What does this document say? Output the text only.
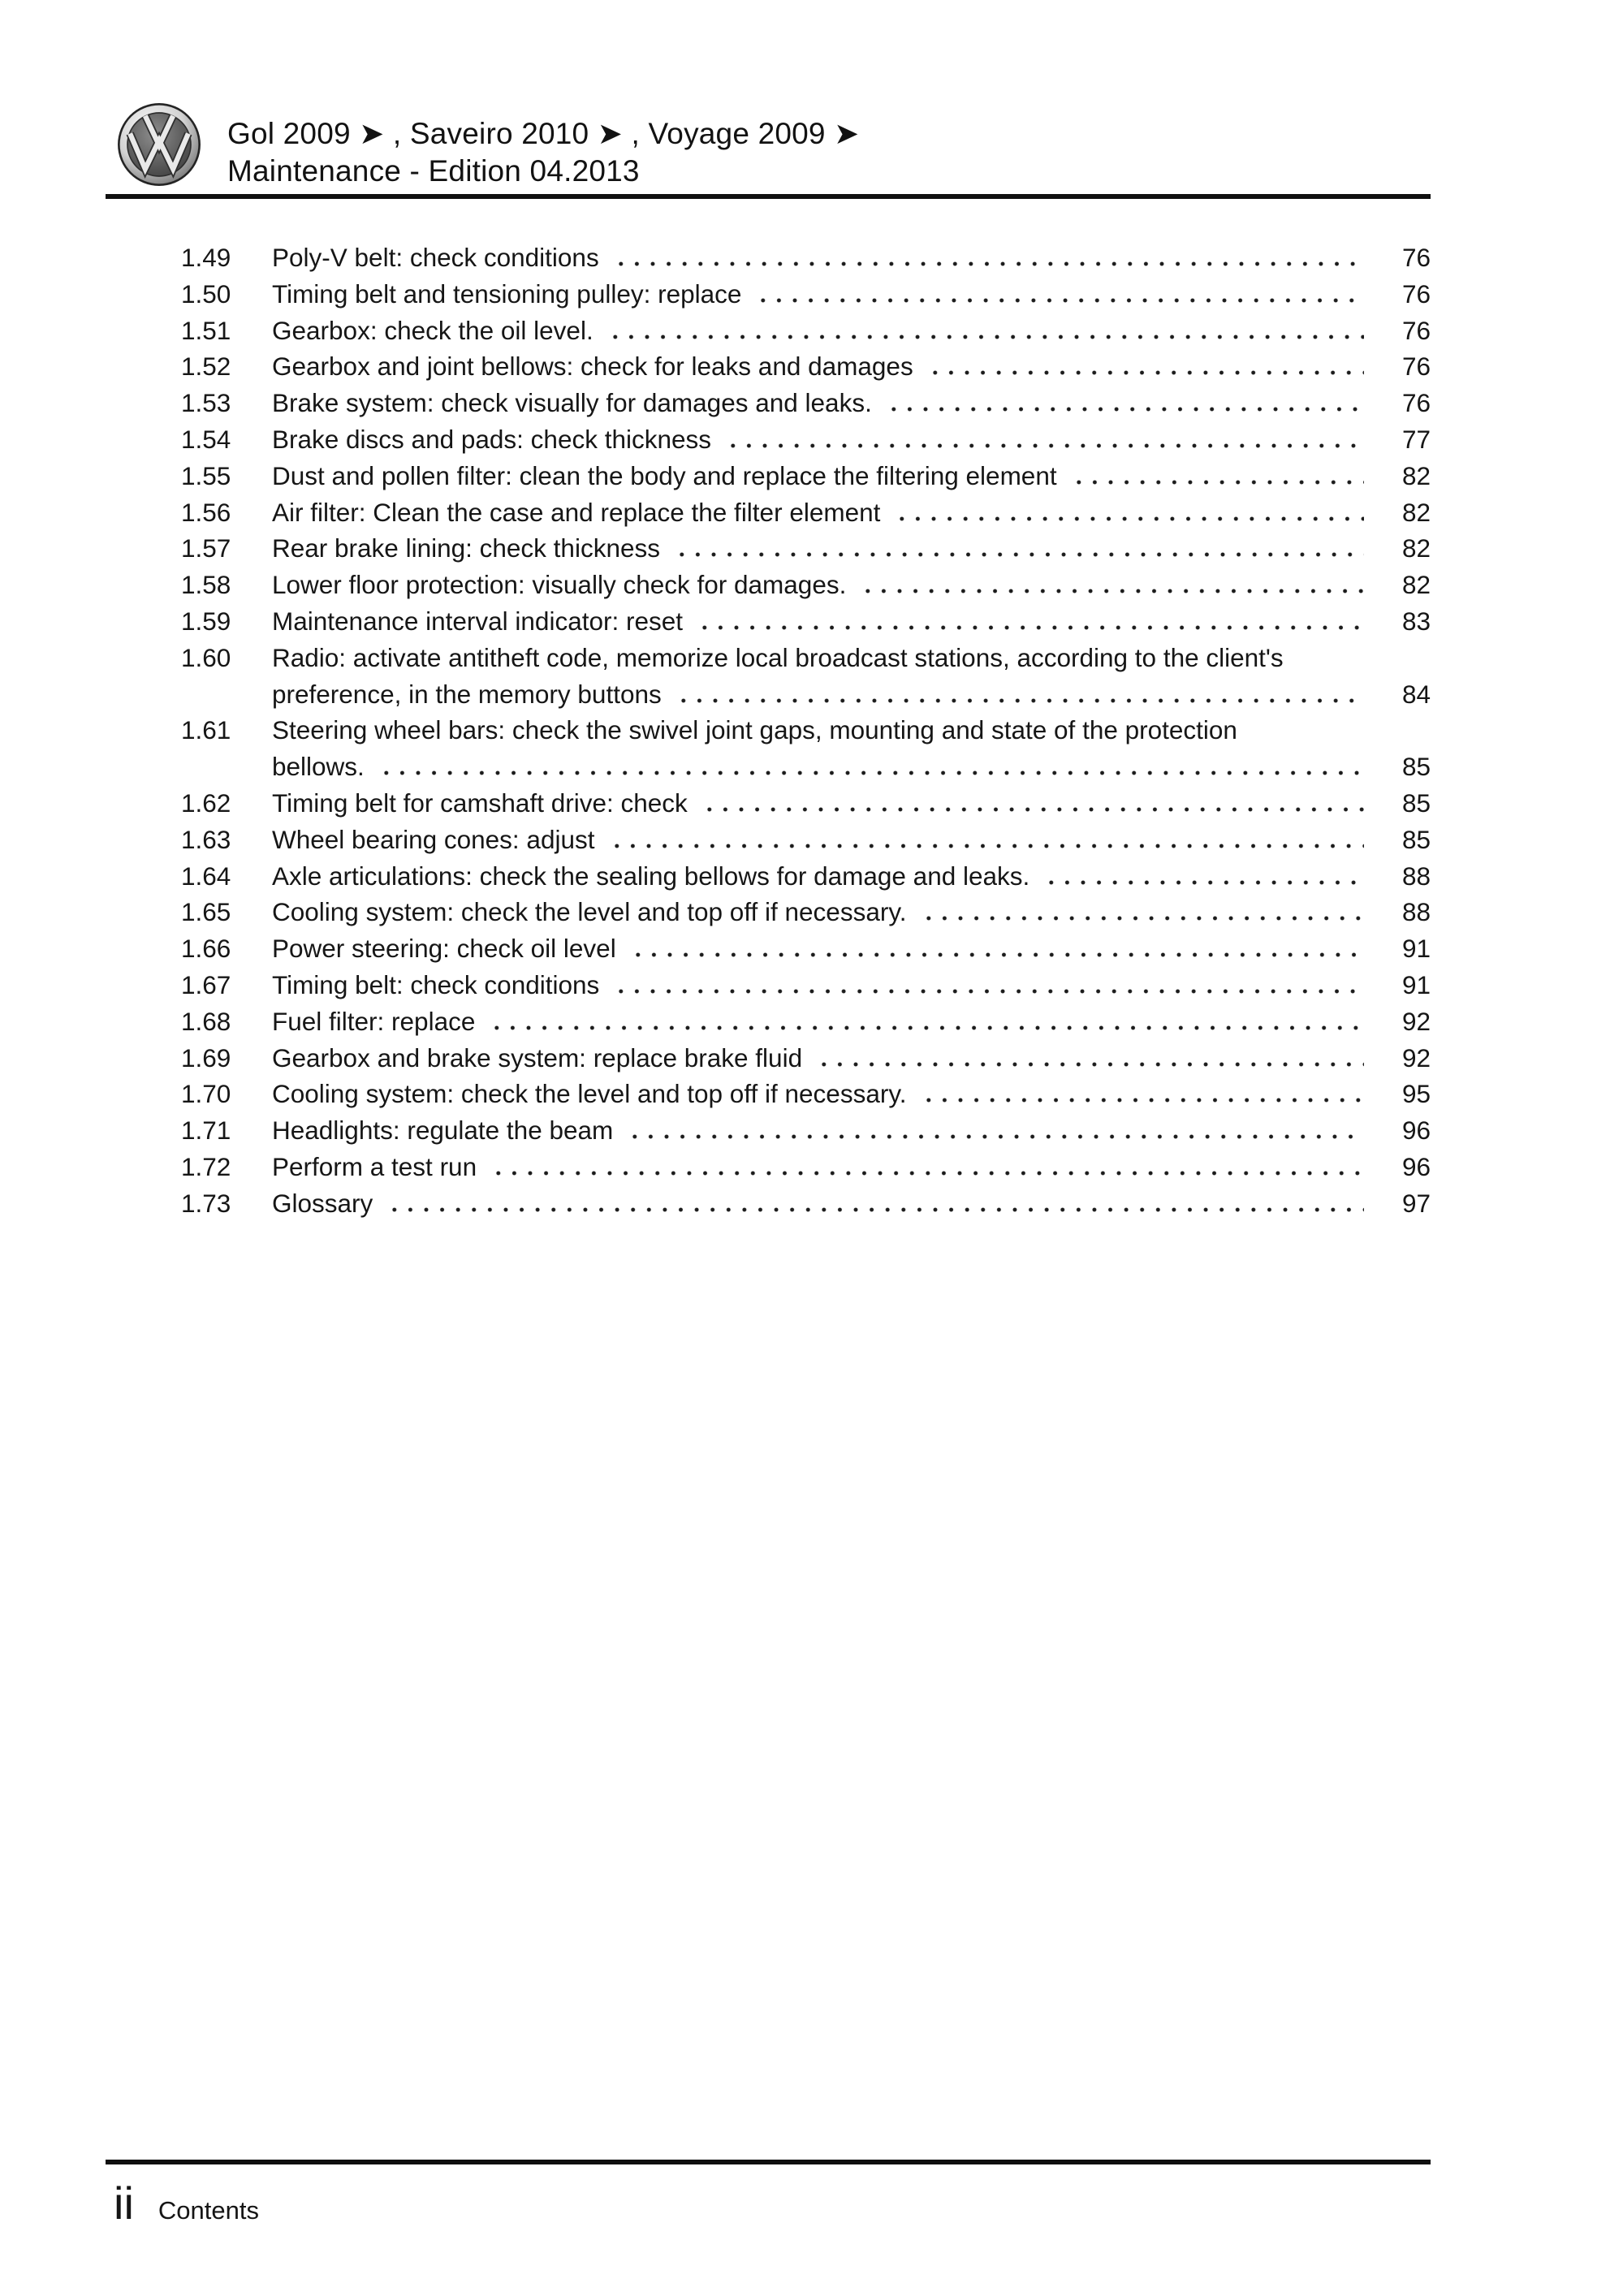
Gol 2009 ➤ , Saveiro 2010 ➤ , Voyage 2009 ➤
Maintenance - Edition 04.2013
1.49	Poly-V belt: check conditions	76
1.50	Timing belt and tensioning pulley: replace	76
1.51	Gearbox: check the oil level.	76
1.52	Gearbox and joint bellows: check for leaks and damages	76
1.53	Brake system: check visually for damages and leaks.	76
1.54	Brake discs and pads: check thickness	77
1.55	Dust and pollen filter: clean the body and replace the filtering element	82
1.56	Air filter: Clean the case and replace the filter element	82
1.57	Rear brake lining: check thickness	82
1.58	Lower floor protection: visually check for damages.	82
1.59	Maintenance interval indicator: reset	83
1.60	Radio: activate antitheft code, memorize local broadcast stations, according to the client's
preference, in the memory buttons	84
1.61	Steering wheel bars: check the swivel joint gaps, mounting and state of the protection
bellows.	85
1.62	Timing belt for camshaft drive: check	85
1.63	Wheel bearing cones: adjust	85
1.64	Axle articulations: check the sealing bellows for damage and leaks.	88
1.65	Cooling system: check the level and top off if necessary.	88
1.66	Power steering: check oil level	91
1.67	Timing belt: check conditions	91
1.68	Fuel filter: replace	92
1.69	Gearbox and brake system: replace brake fluid	92
1.70	Cooling system: check the level and top off if necessary.	95
1.71	Headlights: regulate the beam	96
1.72	Perform a test run	96
1.73	Glossary	97
ii Contents
